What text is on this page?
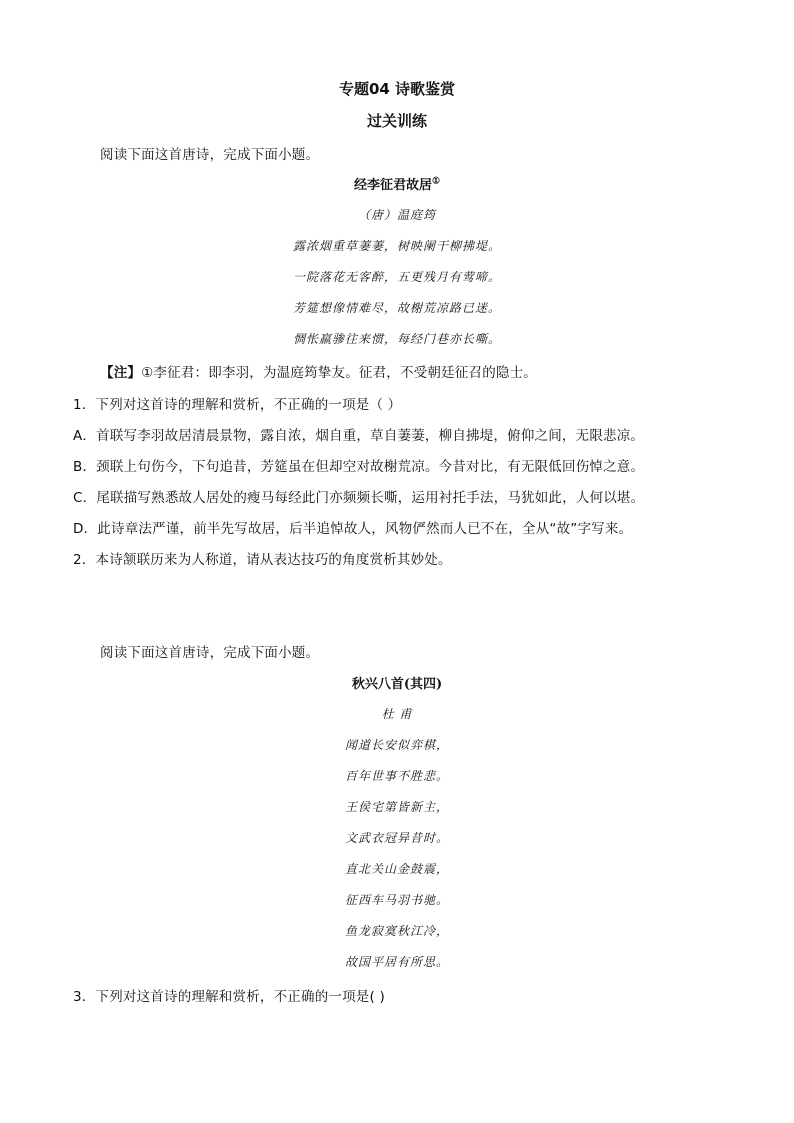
专题04 诗歌鉴赏
过关训练
阅读下面这首唐诗，完成下面小题。
经李征君故居①
（唐）温庭筠
露浓烟重草萋萋，树映阑干柳拂堤。
一院落花无客醉，五更残月有莺啼。
芳筵想像情难尽，故榭荒凉路已迷。
惆怅羸骖往来惯，每经门巷亦长嘶。
【注】①李征君：即李羽，为温庭筠挚友。征君，不受朝廷征召的隐士。
1．下列对这首诗的理解和赏析，不正确的一项是（ ）
A．首联写李羽故居清晨景物，露自浓，烟自重，草自萋萋，柳自拂堤，俯仰之间，无限悲凉。
B．颈联上句伤今，下句追昔，芳筵虽在但却空对故榭荒凉。今昔对比，有无限低回伤悼之意。
C．尾联描写熟悉故人居处的瘦马每经此门亦频频长嘶，运用衬托手法，马犹如此，人何以堪。
D．此诗章法严谨，前半先写故居，后半追悼故人，风物俨然而人已不在，全从“故”字写来。
2．本诗颔联历来为人称道，请从表达技巧的角度赏析其妙处。
阅读下面这首唐诗，完成下面小题。
秋兴八首(其四)
杜 甫
闻道长安似弈棋，
百年世事不胜悲。
王侯宅第皆新主，
文武衣冠异昔时。
直北关山金鼓震，
征西车马羽书驰。
鱼龙寂寞秋江冷，
故国平居有所思。
3．下列对这首诗的理解和赏析，不正确的一项是( )
